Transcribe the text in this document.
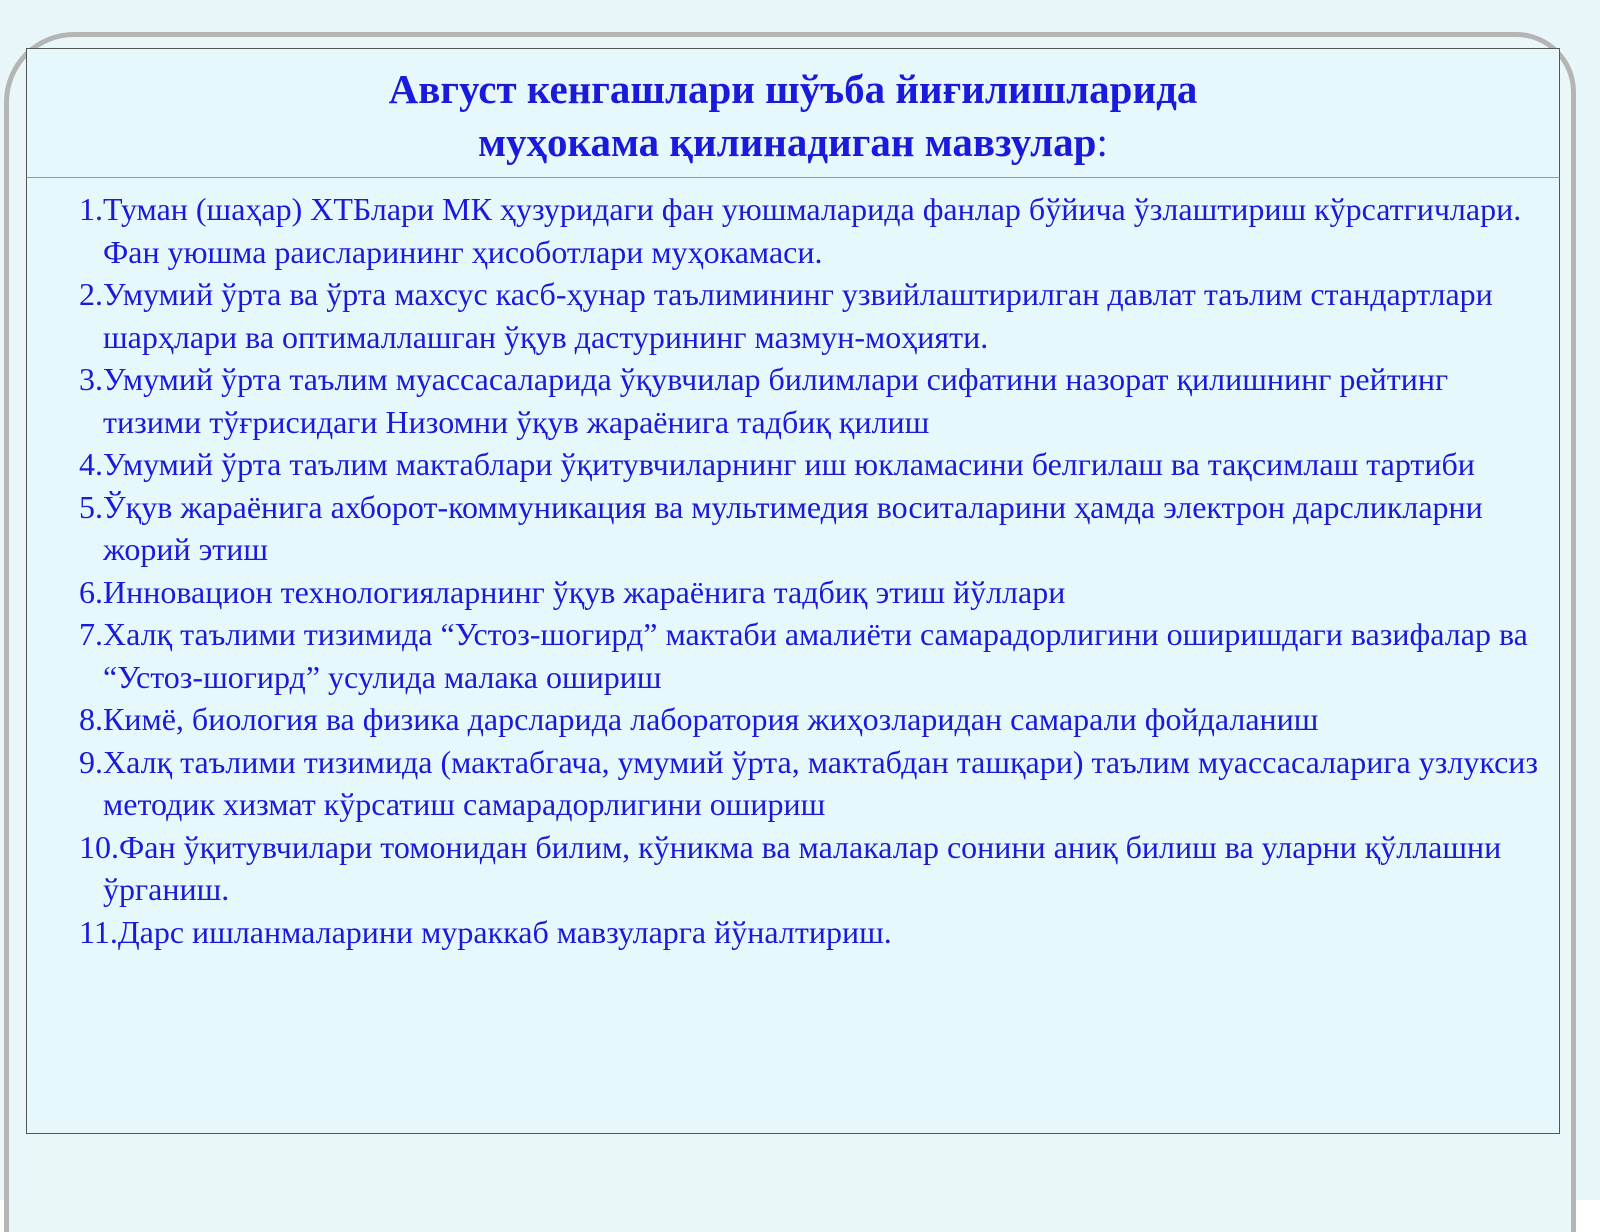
Август кенгашлари шўъба йиғилишларида
муҳокама қилинадиган мавзулар:
1.Туман (шаҳар) ХТБлари МК ҳузуридаги фан уюшмаларида фанлар бўйича ўзлаштириш кўрсатгичлари. Фан уюшма раисларининг ҳисоботлари муҳокамаси.
2.Умумий ўрта ва ўрта махсус касб-ҳунар таълимининг узвийлаштирилган давлат таълим стандартлари шарҳлари ва оптималлашган ўқув дастурининг мазмун-моҳияти.
3.Умумий ўрта таълим муассасаларида ўқувчилар билимлари сифатини назорат қилишнинг рейтинг тизими тўғрисидаги Низомни ўқув жараёнига тадбиқ қилиш
4.Умумий ўрта таълим мактаблари ўқитувчиларнинг иш юкламасини белгилаш ва тақсимлаш тартиби
5.Ўқув жараёнига ахборот-коммуникация ва мультимедия воситаларини ҳамда электрон дарсликларни жорий этиш
6.Инновацион технологияларнинг ўқув жараёнига тадбиқ этиш йўллари
7.Халқ таълими тизимида “Устоз-шогирд” мактаби амалиёти самарадорлигини оширишдаги вазифалар ва “Устоз-шогирд” усулида малака ошириш
8.Кимё, биология ва физика дарсларида лаборатория жиҳозларидан самарали фойдаланиш
9.Халқ таълими тизимида (мактабгача, умумий ўрта, мактабдан ташқари) таълим муассасаларига узлуксиз методик хизмат кўрсатиш самарадорлигини ошириш
10.Фан ўқитувчилари томонидан билим, кўникма ва малакалар сонини аниқ билиш ва уларни қўллашни ўрганиш.
11.Дарс ишланмаларини мураккаб мавзуларга йўналтириш.
